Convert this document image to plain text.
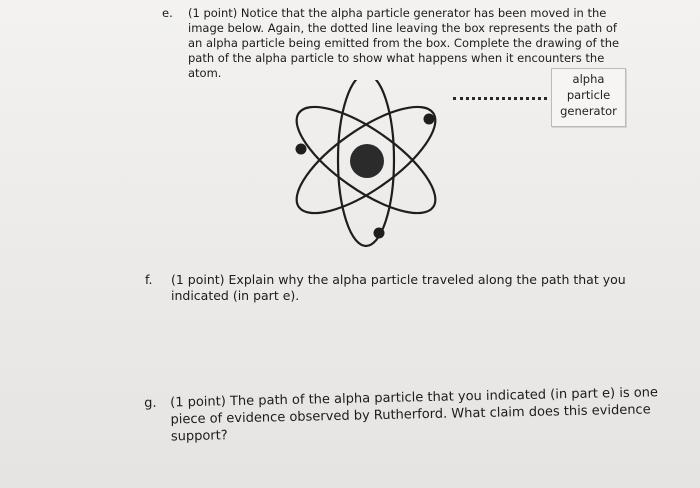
e. (1 point) Notice that the alpha particle generator has been moved in the image below. Again, the dotted line leaving the box represents the path of an alpha particle being emitted from the box. Complete the drawing of the path of the alpha particle to show what happens when it encounters the atom.	alpha
particle
generator
f. (1 point) Explain why the alpha particle traveled along the path that you indicated (in part e).
g. (1 point) The path of the alpha particle that you indicated (in part e) is one piece of evidence observed by Rutherford. What claim does this evidence support?
